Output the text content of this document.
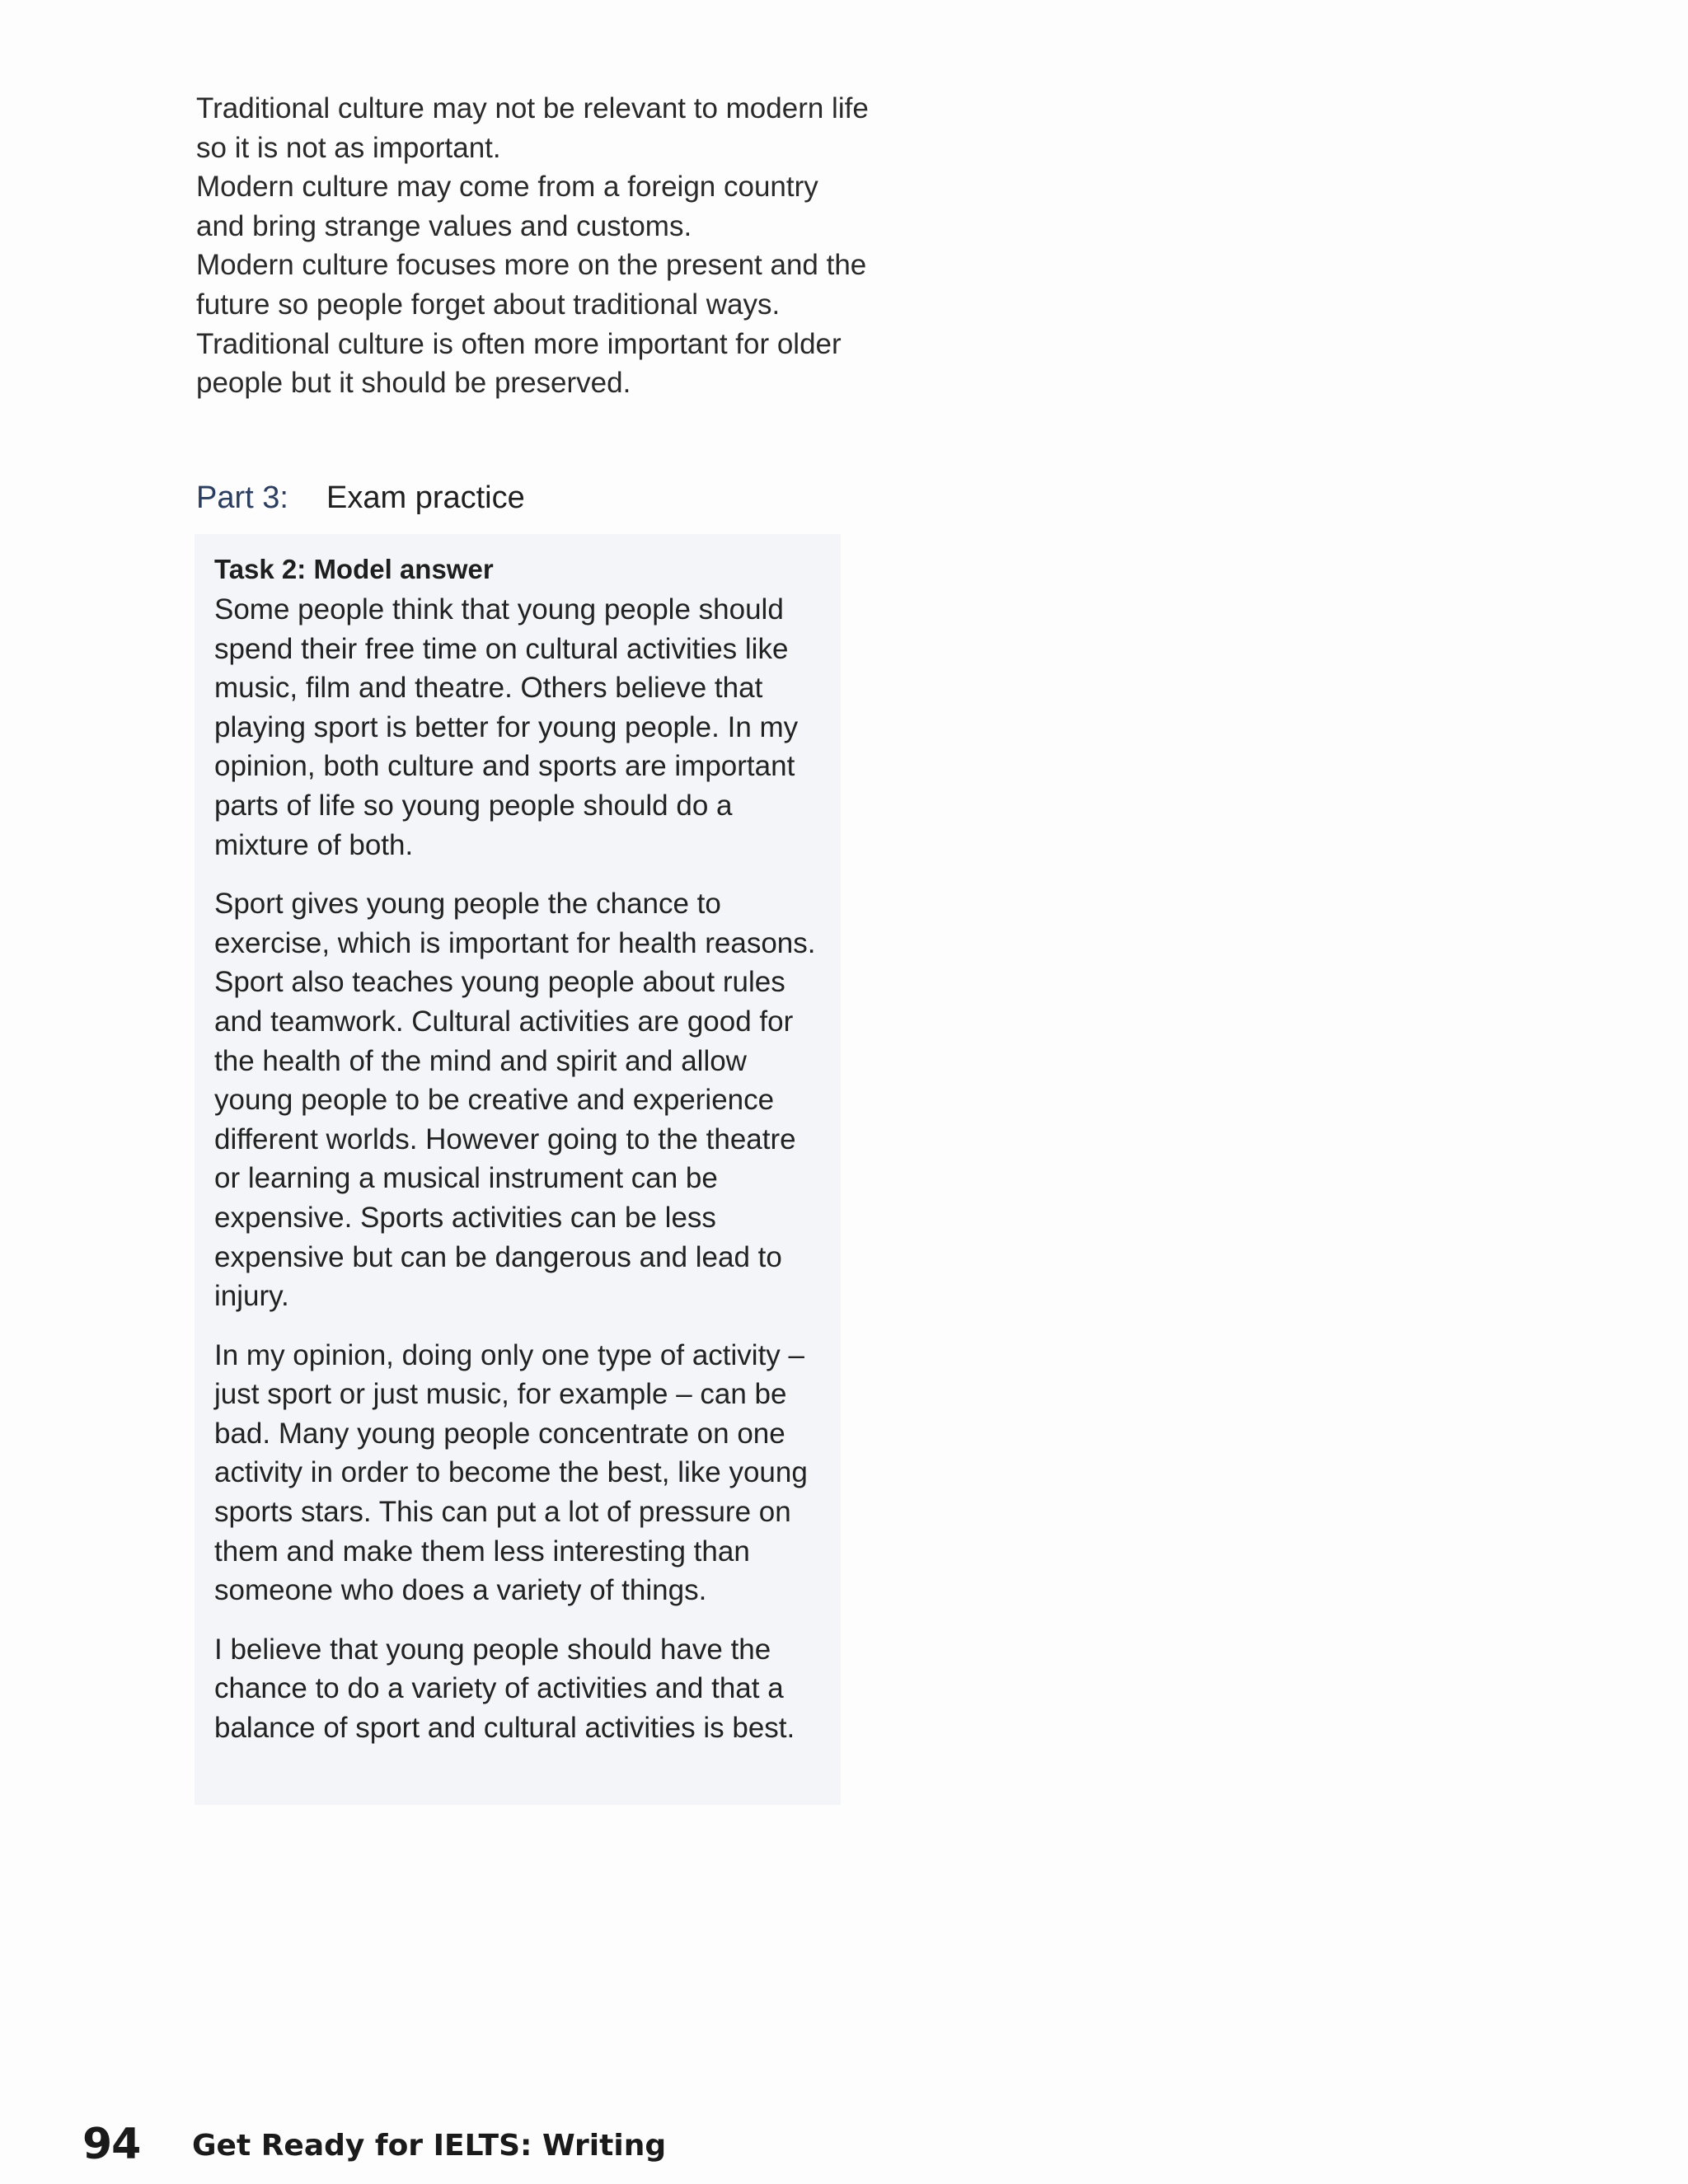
Traditional culture may not be relevant to modern life so it is not as important.

Modern culture may come from a foreign country and bring strange values and customs.

Modern culture focuses more on the present and the future so people forget about traditional ways.

Traditional culture is often more important for older people but it should be preserved.

Part 3: Exam practice

Task 2: Model answer

Some people think that young people should spend their free time on cultural activities like music, film and theatre. Others believe that playing sport is better for young people. In my opinion, both culture and sports are important parts of life so young people should do a mixture of both.

Sport gives young people the chance to exercise, which is important for health reasons. Sport also teaches young people about rules and teamwork. Cultural activities are good for the health of the mind and spirit and allow young people to be creative and experience different worlds. However going to the theatre or learning a musical instrument can be expensive. Sports activities can be less expensive but can be dangerous and lead to injury.

In my opinion, doing only one type of activity – just sport or just music, for example – can be bad. Many young people concentrate on one activity in order to become the best, like young sports stars. This can put a lot of pressure on them and make them less interesting than someone who does a variety of things.

I believe that young people should have the chance to do a variety of activities and that a balance of sport and cultural activities is best.

94 Get Ready for IELTS: Writing
